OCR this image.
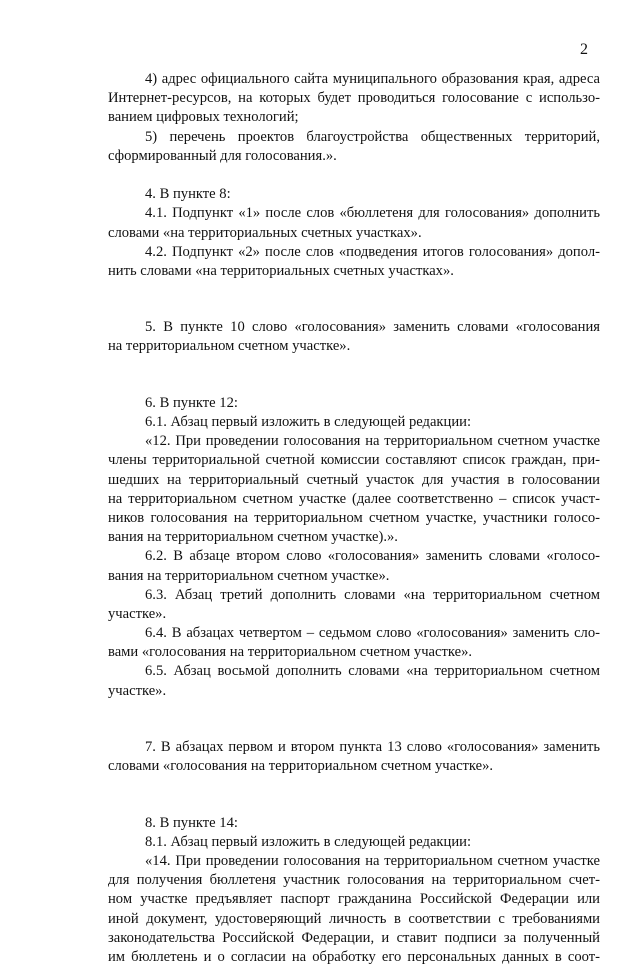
2
4) адрес официального сайта муниципального образования края, адреса
Интернет-ресурсов, на которых будет проводиться голосование с использо-
ванием цифровых технологий;
5) перечень проектов благоустройства общественных территорий,
сформированный для голосования.».
4. В пункте 8:
4.1. Подпункт «1» после слов «бюллетеня для голосования» дополнить
словами «на территориальных счетных участках».
4.2. Подпункт «2» после слов «подведения итогов голосования» допол-
нить словами «на территориальных счетных участках».
5. В пункте 10 слово «голосования» заменить словами «голосования
на территориальном счетном участке».
6. В пункте 12:
6.1. Абзац первый изложить в следующей редакции:
«12. При проведении голосования на территориальном счетном участке
члены территориальной счетной комиссии составляют список граждан, при-
шедших на территориальный счетный участок для участия в голосовании
на территориальном счетном участке (далее соответственно – список участ-
ников голосования на территориальном счетном участке, участники голосо-
вания на территориальном счетном участке).».
6.2. В абзаце втором слово «голосования» заменить словами «голосо-
вания на территориальном счетном участке».
6.3. Абзац третий дополнить словами «на территориальном счетном
участке».
6.4. В абзацах четвертом – седьмом слово «голосования» заменить сло-
вами «голосования на территориальном счетном участке».
6.5. Абзац восьмой дополнить словами «на территориальном счетном
участке».
7. В абзацах первом и втором пункта 13 слово «голосования» заменить
словами «голосования на территориальном счетном участке».
8. В пункте 14:
8.1. Абзац первый изложить в следующей редакции:
«14. При проведении голосования на территориальном счетном участке
для получения бюллетеня участник голосования на территориальном счет-
ном участке предъявляет паспорт гражданина Российской Федерации или
иной документ, удостоверяющий личность в соответствии с требованиями
законодательства Российской Федерации, и ставит подписи за полученный
им бюллетень и о согласии на обработку его персональных данных в соот-
